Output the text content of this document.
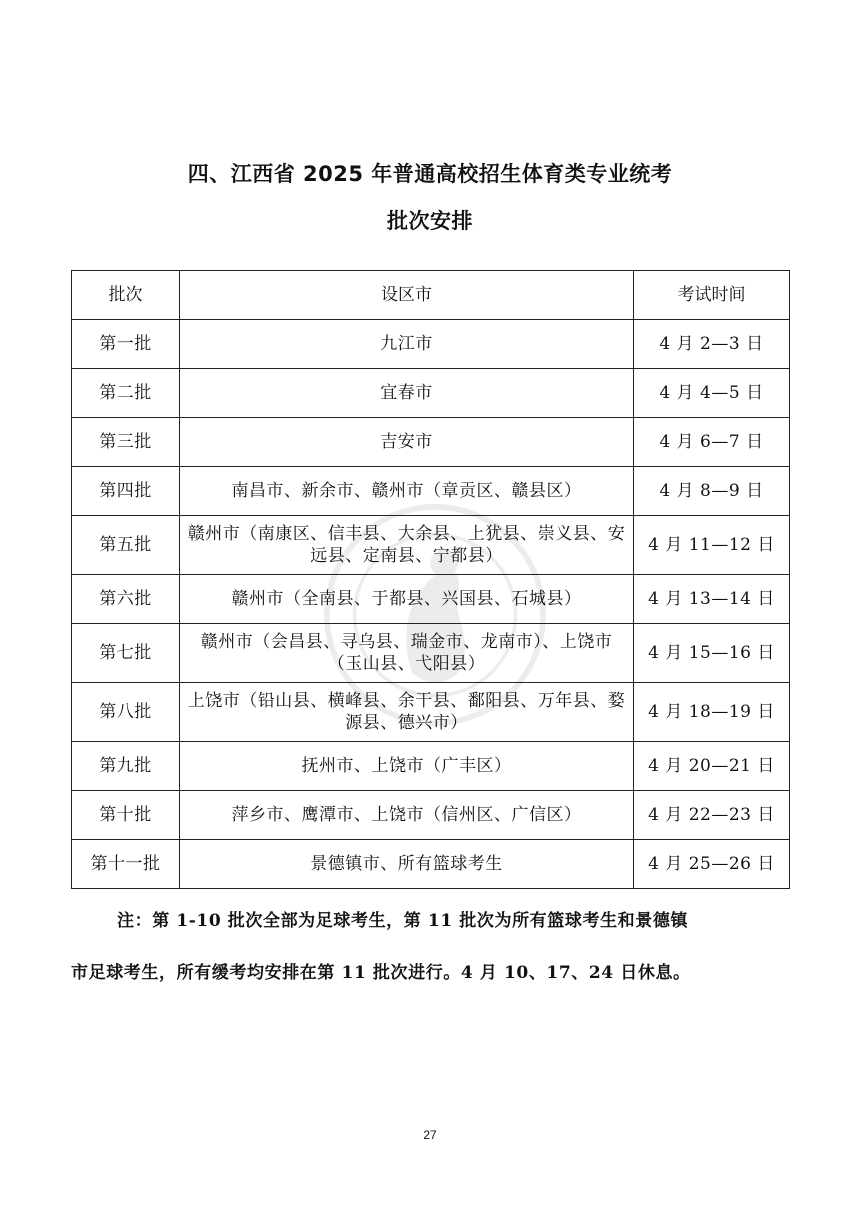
四、江西省 2025 年普通高校招生体育类专业统考
批次安排
批次	设区市	考试时间
第一批	九江市	4 月 2—3 日
第二批	宜春市	4 月 4—5 日
第三批	吉安市	4 月 6—7 日
第四批	南昌市、新余市、赣州市（章贡区、赣县区）	4 月 8—9 日
第五批	赣州市（南康区、信丰县、大余县、上犹县、崇义县、安远县、定南县、宁都县）	4 月 11—12 日
第六批	赣州市（全南县、于都县、兴国县、石城县）	4 月 13—14 日
第七批	赣州市（会昌县、寻乌县、瑞金市、龙南市）、上饶市（玉山县、弋阳县）	4 月 15—16 日
第八批	上饶市（铅山县、横峰县、余干县、鄱阳县、万年县、婺源县、德兴市）	4 月 18—19 日
第九批	抚州市、上饶市（广丰区）	4 月 20—21 日
第十批	萍乡市、鹰潭市、上饶市（信州区、广信区）	4 月 22—23 日
第十一批	景德镇市、所有篮球考生	4 月 25—26 日
注：第 1-10 批次全部为足球考生，第 11 批次为所有篮球考生和景德镇
市足球考生，所有缓考均安排在第 11 批次进行。4 月 10、17、24 日休息。
27
